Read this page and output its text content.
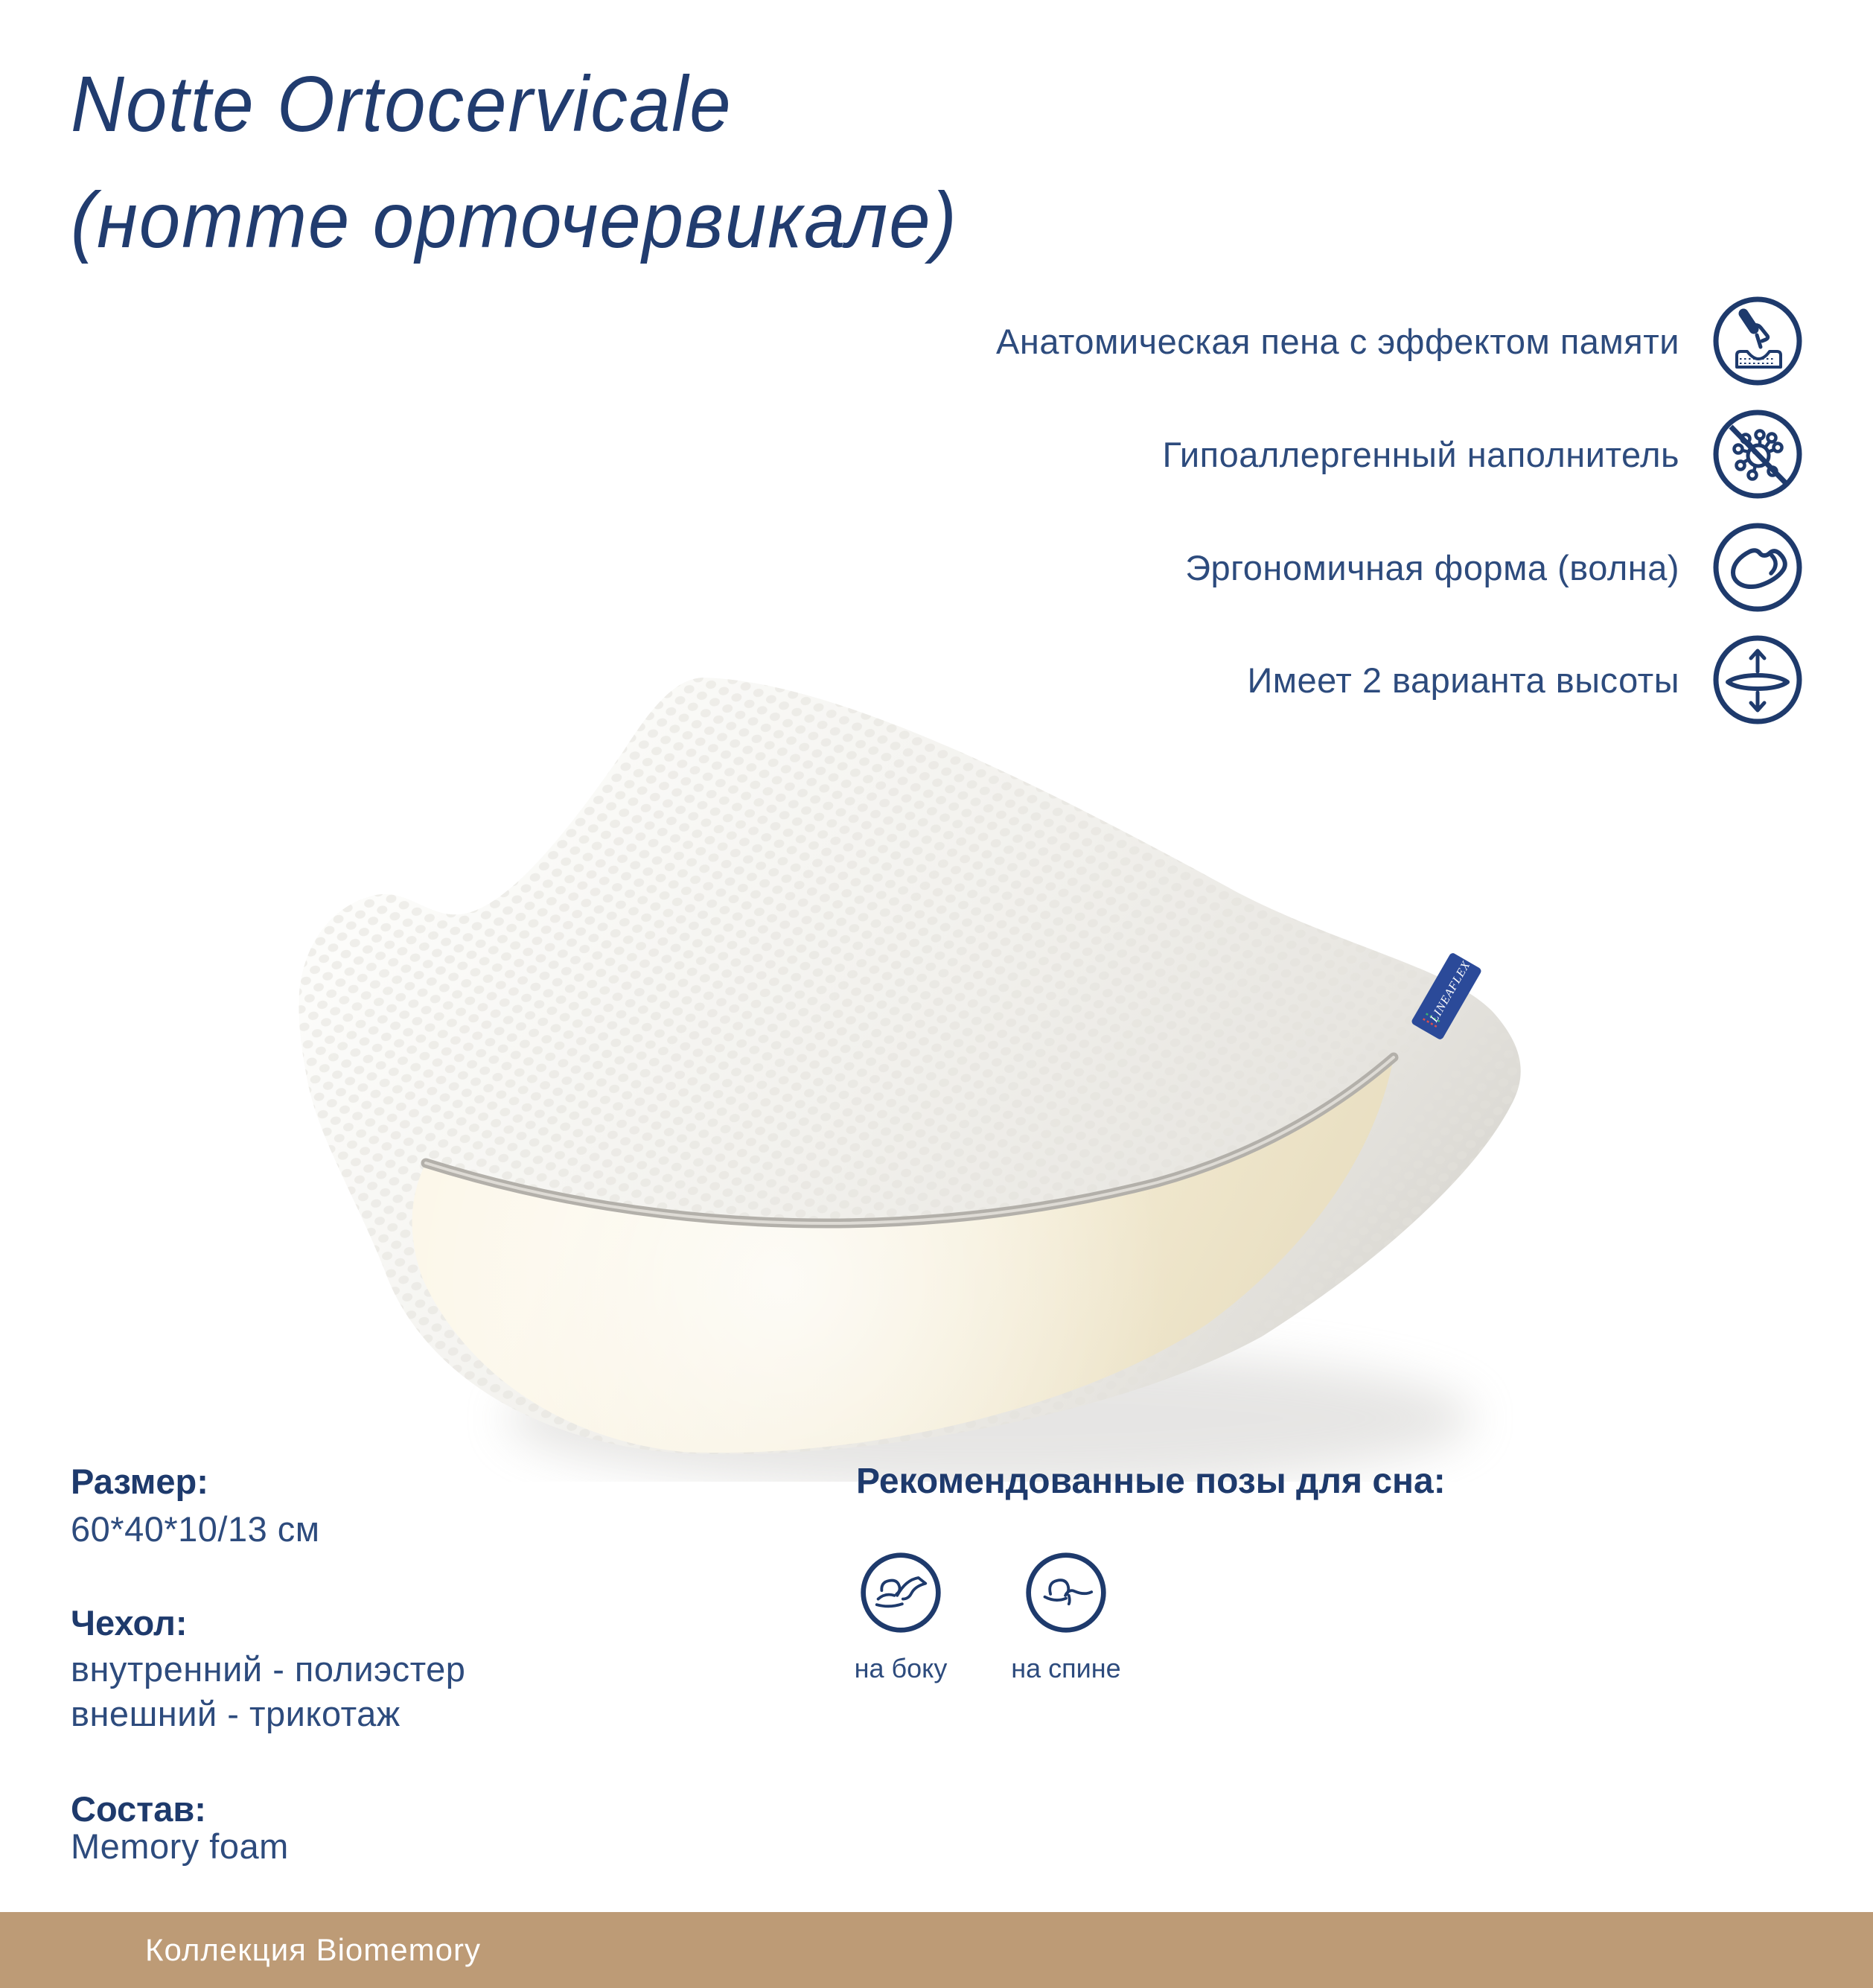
Notte Ortocervicale
(нотте орточервикале)
Анатомическая пена с эффектом памяти
Гипоаллергенный наполнитель
Эргономичная форма (волна)
Имеет 2 варианта высоты
LINEAFLEX
Размер:
60*40*10/13 см
Чехол:
внутренний - полиэстер
внешний - трикотаж
Состав:
Memory foam
Рекомендованные позы для сна:
на боку	на спине
Коллекция Biomemory
